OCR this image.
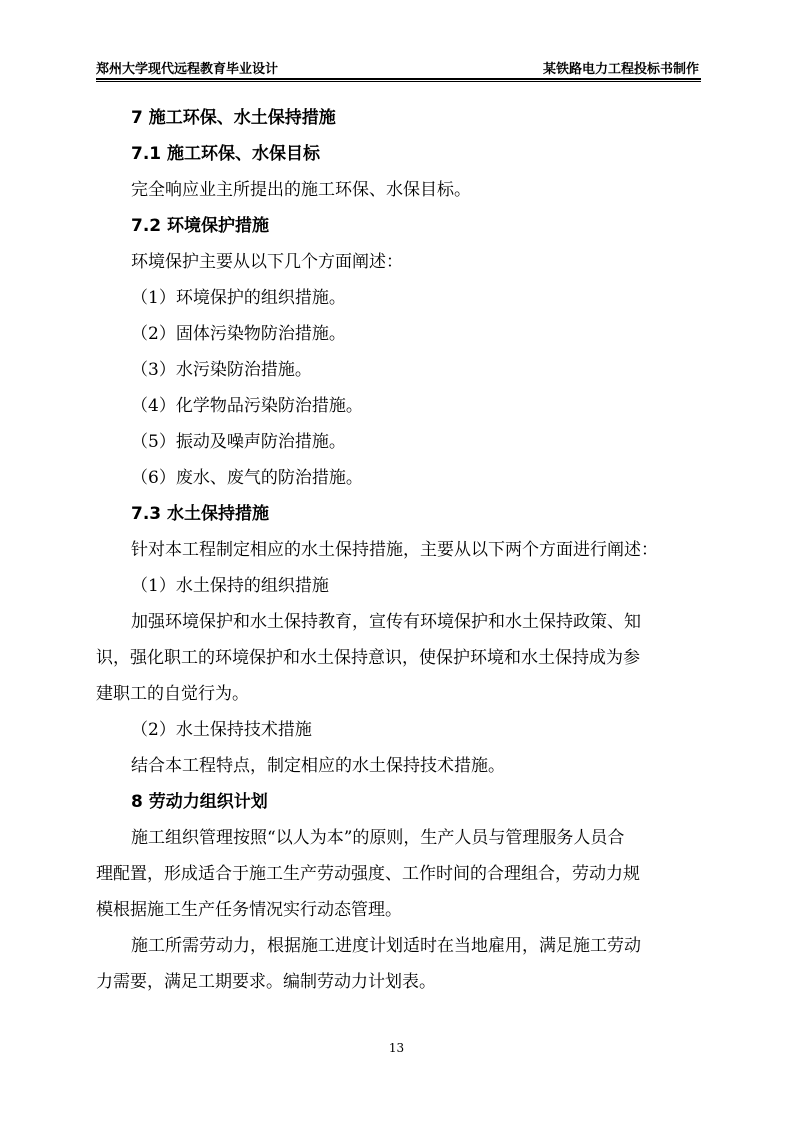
郑州大学现代远程教育毕业设计	某铁路电力工程投标书制作
7 施工环保、水土保持措施
7.1 施工环保、水保目标
完全响应业主所提出的施工环保、水保目标。
7.2 环境保护措施
环境保护主要从以下几个方面阐述：
（1）环境保护的组织措施。
（2）固体污染物防治措施。
（3）水污染防治措施。
（4）化学物品污染防治措施。
（5）振动及噪声防治措施。
（6）废水、废气的防治措施。
7.3 水土保持措施
针对本工程制定相应的水土保持措施，主要从以下两个方面进行阐述：
（1）水土保持的组织措施
加强环境保护和水土保持教育，宣传有环境保护和水土保持政策、知
识，强化职工的环境保护和水土保持意识，使保护环境和水土保持成为参
建职工的自觉行为。
（2）水土保持技术措施
结合本工程特点，制定相应的水土保持技术措施。
8 劳动力组织计划
施工组织管理按照“以人为本”的原则，生产人员与管理服务人员合
理配置，形成适合于施工生产劳动强度、工作时间的合理组合，劳动力规
模根据施工生产任务情况实行动态管理。
施工所需劳动力，根据施工进度计划适时在当地雇用，满足施工劳动
力需要，满足工期要求。编制劳动力计划表。
13
